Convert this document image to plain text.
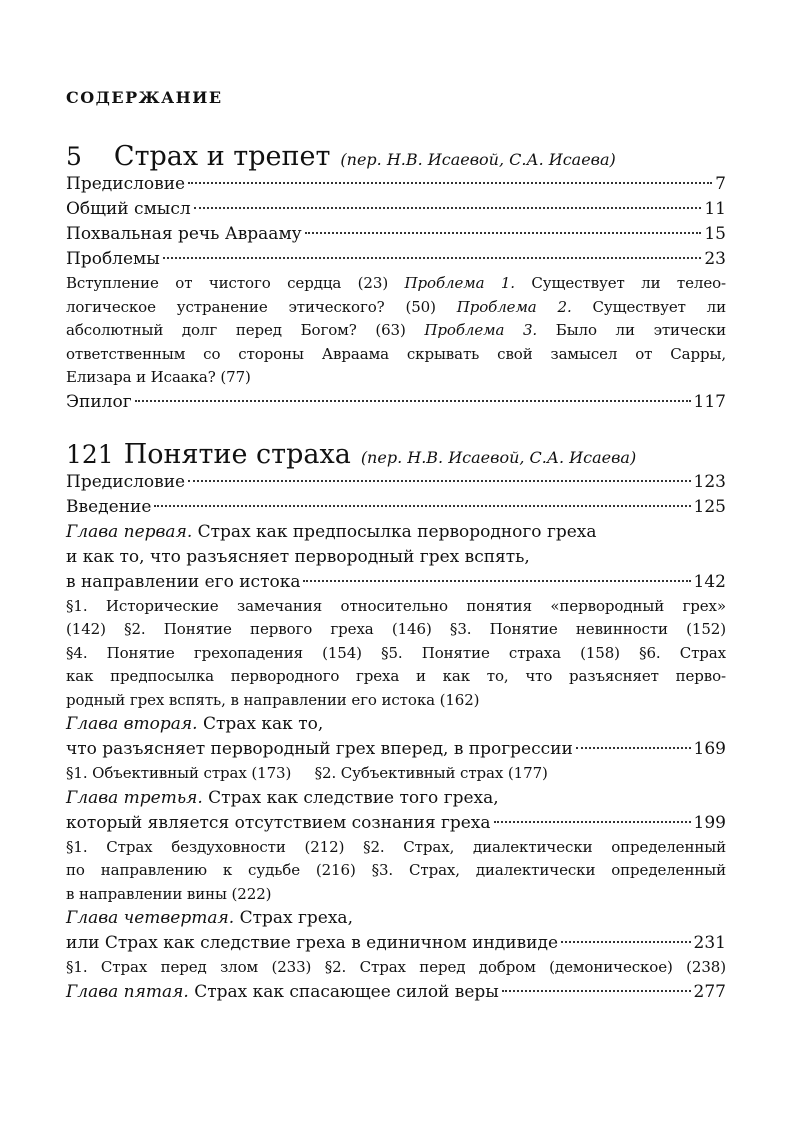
СОДЕРЖАНИЕ
5 Страх и трепет (пер. Н.В. Исаевой, С.А. Исаева)
Предисловие	7
Общий смысл	11
Похвальная речь Аврааму	15
Проблемы	23
Вступление от чистого сердца (23) Проблема 1. Существует ли телео-
логическое устранение этического? (50) Проблема 2. Существует ли
абсолютный долг перед Богом? (63) Проблема 3. Было ли этически
ответственным со стороны Авраама скрывать свой замысел от Сарры,
Елизара и Исаака? (77)
Эпилог	117
121 Понятие страха (пер. Н.В. Исаевой, С.А. Исаева)
Предисловие	123
Введение	125
Глава первая. Страх как предпосылка первородного греха
и как то, что разъясняет первородный грех вспять,
в направлении его истока	142
§1. Исторические замечания относительно понятия «первородный грех»
(142) §2. Понятие первого греха (146) §3. Понятие невинности (152)
§4. Понятие грехопадения (154) §5. Понятие страха (158) §6. Страх
как предпосылка первородного греха и как то, что разъясняет перво-
родный грех вспять, в направлении его истока (162)
Глава вторая. Страх как то,
что разъясняет первородный грех вперед, в прогрессии	169
§1. Объективный страх (173) §2. Субъективный страх (177)
Глава третья. Страх как следствие того греха,
который является отсутствием сознания греха	199
§1. Страх бездуховности (212) §2. Страх, диалектически определенный
по направлению к судьбе (216) §3. Страх, диалектически определенный
в направлении вины (222)
Глава четвертая. Страх греха,
или Страх как следствие греха в единичном индивиде	231
§1. Страх перед злом (233) §2. Страх перед добром (демоническое) (238)
Глава пятая. Страх как спасающее силой веры	277
